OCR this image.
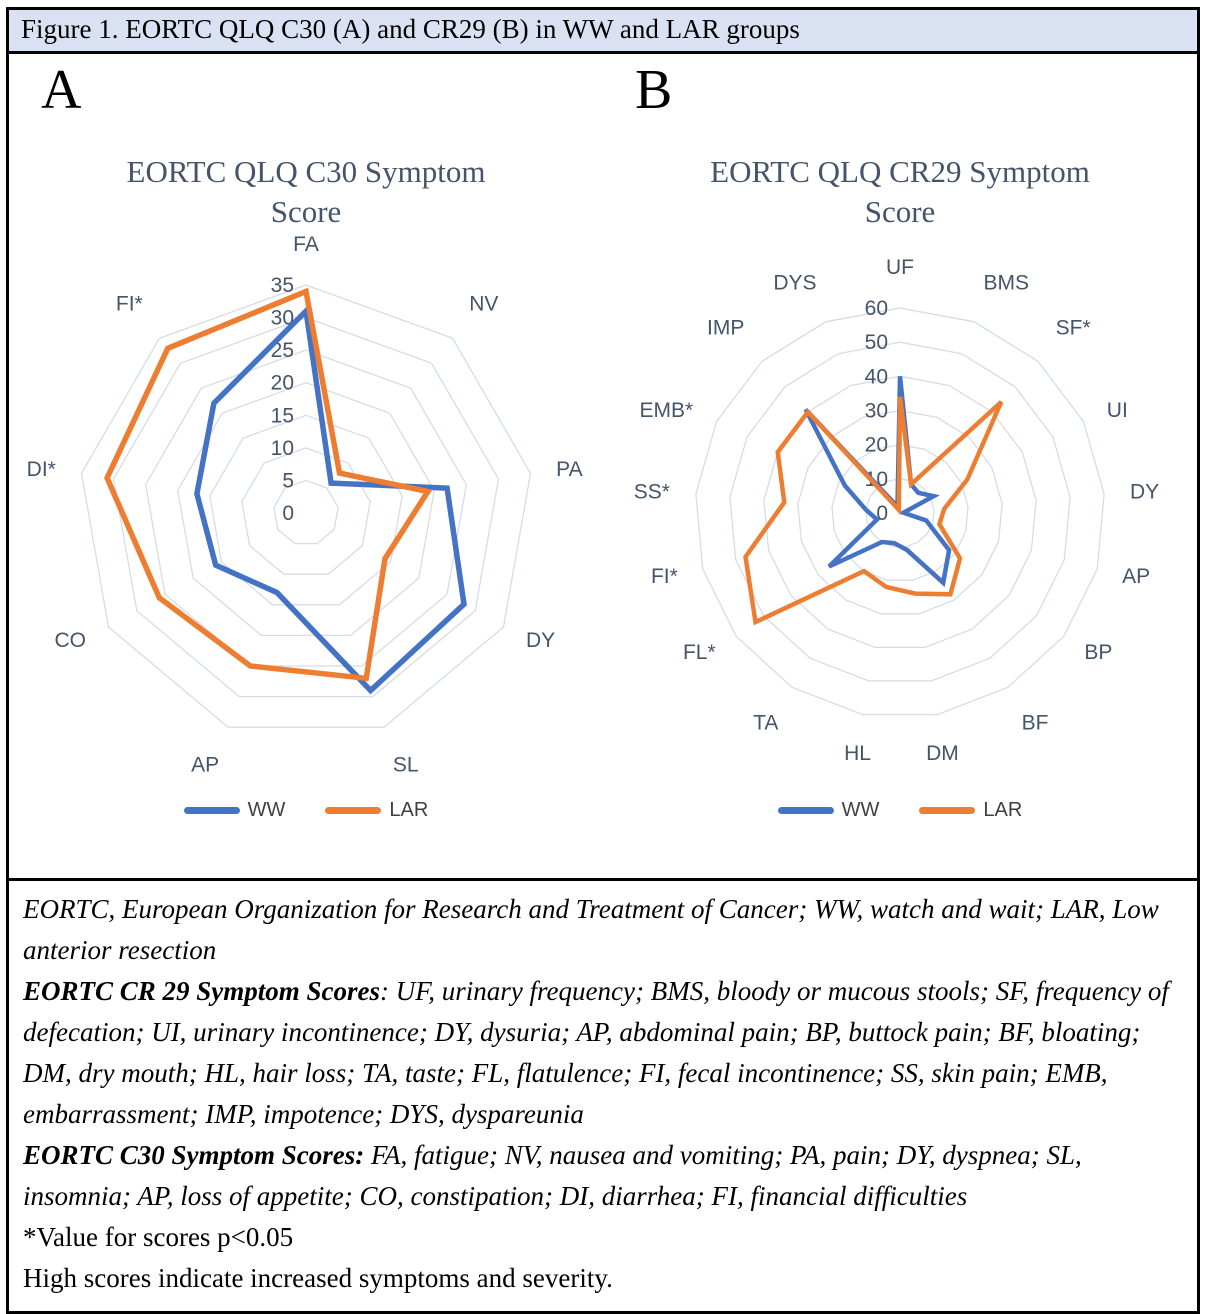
Figure 1. EORTC QLQ C30 (A) and CR29 (B) in WW and LAR groups
A
EORTC QLQ C30 Symptom Score
0
5
10
15
20
25
30
35
FA
NV
PA
DY
SL
AP
CO
DI*
FI*
WW	LAR
B
EORTC QLQ CR29 Symptom Score
0
10
20
30
40
50
60
UF
BMS
SF*
UI
DY
AP
BP
BF
DM
HL
TA
FL*
FI*
SS*
EMB*
IMP
DYS
WW	LAR

EORTC, European Organization for Research and Treatment of Cancer; WW, watch and wait; LAR, Low anterior resection

EORTC CR 29 Symptom Scores: UF, urinary frequency; BMS, bloody or mucous stools; SF, frequency of defecation; UI, urinary incontinence; DY, dysuria; AP, abdominal pain; BP, buttock pain; BF, bloating; DM, dry mouth; HL, hair loss; TA, taste; FL, flatulence; FI, fecal incontinence; SS, skin pain; EMB, embarrassment; IMP, impotence; DYS, dyspareunia

EORTC C30 Symptom Scores: FA, fatigue; NV, nausea and vomiting; PA, pain; DY, dyspnea; SL, insomnia; AP, loss of appetite; CO, constipation; DI, diarrhea; FI, financial difficulties

*Value for scores p<0.05

High scores indicate increased symptoms and severity.
